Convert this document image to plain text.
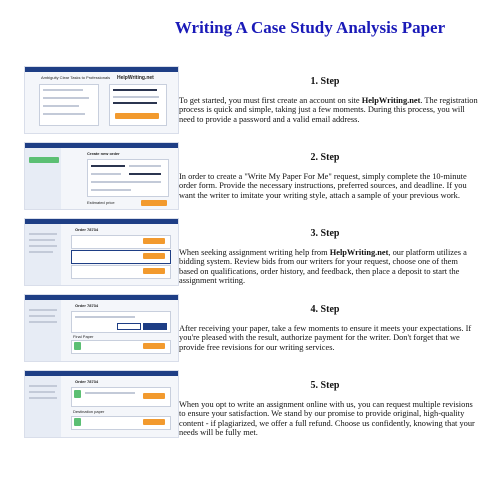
Writing A Case Study Analysis Paper
Ambiguity Clear Tasks to Professionals HelpWriting.net	1. Step
To get started, you must first create an account on site HelpWriting.net. The registration process is quick and simple, taking just a few moments. During this process, you will need to provide a password and a valid email address.
Create new order
Estimated price
2. Step
In order to create a "Write My Paper For Me" request, simply complete the 10-minute order form. Provide the necessary instructions, preferred sources, and deadline. If you want the writer to imitate your writing style, attach a sample of your previous work.
Order 78734	3. Step
When seeking assignment writing help from HelpWriting.net, our platform utilizes a bidding system. Review bids from our writers for your request, choose one of them based on qualifications, order history, and feedback, then place a deposit to start the assignment writing.
Order 78734
Final Paper
4. Step
After receiving your paper, take a few moments to ensure it meets your expectations. If you're pleased with the result, authorize payment for the writer. Don't forget that we provide free revisions for our writing services.
Order 78734
Destination paper
5. Step
When you opt to write an assignment online with us, you can request multiple revisions to ensure your satisfaction. We stand by our promise to provide original, high-quality content - if plagiarized, we offer a full refund. Choose us confidently, knowing that your needs will be fully met.
